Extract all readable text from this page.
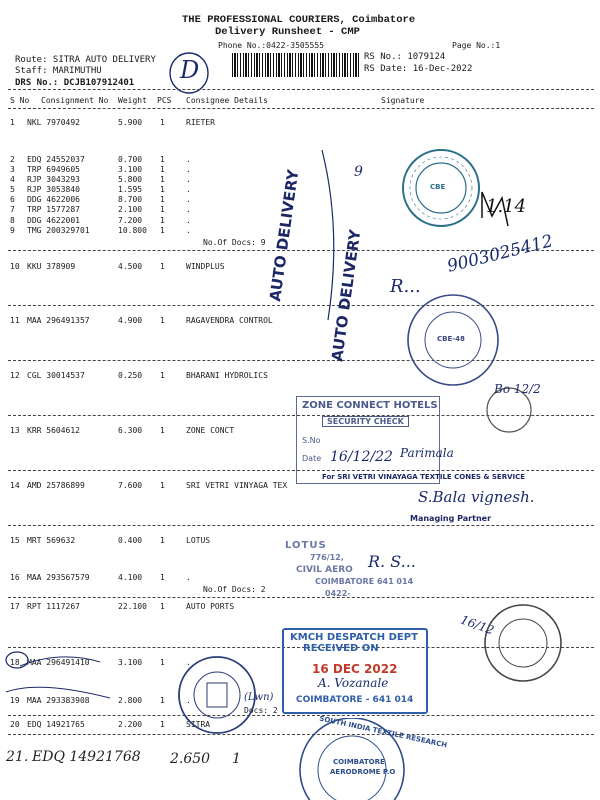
THE PROFESSIONAL COURIERS, Coimbatore
Delivery Runsheet - CMP
Phone No.:0422-3505555	Page No.:1
Route: SITRA AUTO DELIVERY
Staff: MARIMUTHU
DRS No.: DCJB107912401
RS No.: 1079124
RS Date: 16-Dec-2022
D
S No Consignment No Weight PCS Consignee Details	Signature
1 NKL 7970492	5.900 1	RIETER
2 EDQ 24552037	0.700 1	.
3 TRP 6949605	3.100 1	.
4 RJP 3043293	5.800 1	.
5 RJP 3053840	1.595 1	.
6 DDG 4622006	8.700 1	.
7 TRP 1577287	2.100 1	.
8 DDG 4622001	7.200 1	.
9 TMG 200329701	10.800 1	.
No.Of Docs: 9
10 KKU 378909	4.500 1	WINDPLUS
11 MAA 296491357	4.900 1	RAGAVENDRA CONTROL
12 CGL 30014537	0.250 1	BHARANI HYDROLICS
13 KRR 5604612	6.300 1	ZONE CONCT
14 AMD 25786899	7.600 1	SRI VETRI VINYAGA TEX
15 MRT 569632	0.400 1	LOTUS
16 MAA 293567579	4.100 1	.
No.Of Docs: 2
17 RPT 1117267	22.100 1	AUTO PORTS
18 MAA 296491410	3.100 1	.
19 MAA 293383908	2.800 1	.
Docs: 2
20 EDQ 14921765	2.200 1	SITRA
21. EDQ 14921768 2.650 1
AUTO DELIVERY AUTO DELIVERY
CBE
CBE-48
ZONE CONNECT HOTELS
SECURITY CHECK
S.No
Date 16/12/22 Parimala
For SRI VETRI VINAYAGA TEXTILE CONES & SERVICE
S.Bala vignesh.
Managing Partner
LOTUS
776/12,
CIVIL AERO
COIMBATORE 641 014
0422-
R. S...
16/12
KMCH DESPATCH DEPT
RECEIVED ON
16 DEC 2022
A. Vozanale
COIMBATORE - 641 014
(Lwn)
SOUTH INDIA TEXTILE RESEARCH
COIMBATORE
AERODROME P.O
9
1.14
9003025412
R...
Bo 12/2
